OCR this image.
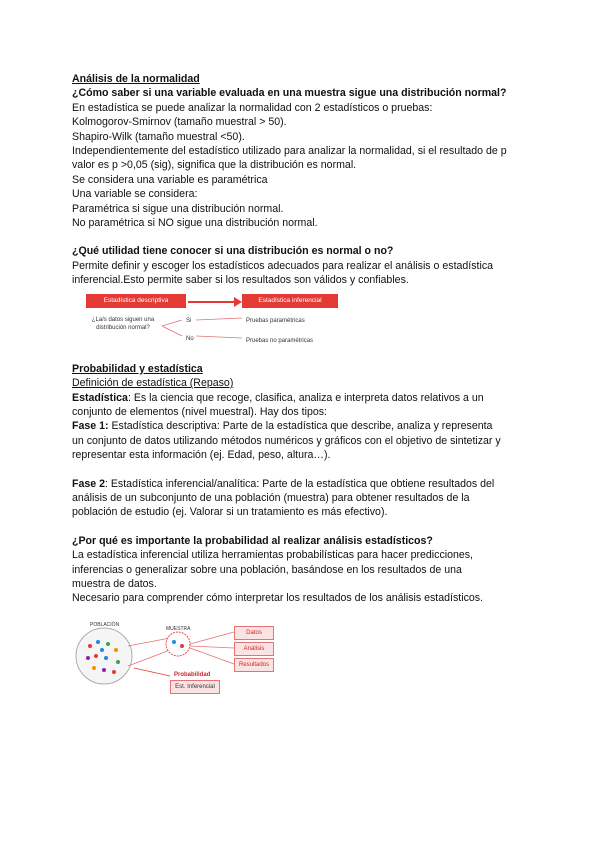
Análisis de la normalidad
¿Cómo saber si una variable evaluada en una muestra sigue una distribución normal?
En estadística se puede analizar la normalidad con 2 estadísticos o pruebas:
Kolmogorov-Smirnov (tamaño muestral > 50).
Shapiro-Wilk (tamaño muestral <50).
Independientemente del estadístico utilizado para analizar la normalidad, si el resultado de p
valor es p >0,05 (sig), significa que la distribución es normal.
Se considera una variable es paramétrica
Una variable se considera:
Paramétrica si sigue una distribución normal.
No paramétrica si NO sigue una distribución normal.
¿Qué utilidad tiene conocer si una distribución es normal o no?
Permite definir y escoger los estadísticos adecuados para realizar el análisis o estadística
inferencial.Esto permite saber si los resultados son válidos y confiables.
Estadística descriptiva	Estadística inferencial
¿La/s datos siguen una distribución normal?
Si
No
Pruebas paramétricas
Pruebas no paramétricas
Probabilidad y estadística
Definición de estadística (Repaso)
Estadística: Es la ciencia que recoge, clasifica, analiza e interpreta datos relativos a un
conjunto de elementos (nivel muestral). Hay dos tipos:
Fase 1: Estadística descriptiva: Parte de la estadística que describe, analiza y representa
un conjunto de datos utilizando métodos numéricos y gráficos con el objetivo de sintetizar y
representar esta información (ej. Edad, peso, altura…).
Fase 2: Estadística inferencial/analítica: Parte de la estadística que obtiene resultados del
análisis de un subconjunto de una población (muestra) para obtener resultados de la
población de estudio (ej. Valorar si un tratamiento es más efectivo).
¿Por qué es importante la probabilidad al realizar análisis estadísticos?
La estadística inferencial utiliza herramientas probabilísticas para hacer predicciones,
inferencias o generalizar sobre una población, basándose en los resultados de una
muestra de datos.
Necesario para comprender cómo interpretar los resultados de los análisis estadísticos.
POBLACIÓN
MUESTRA
Datos
Análisis
Resultados
Probabilidad
Est. Inferencial
